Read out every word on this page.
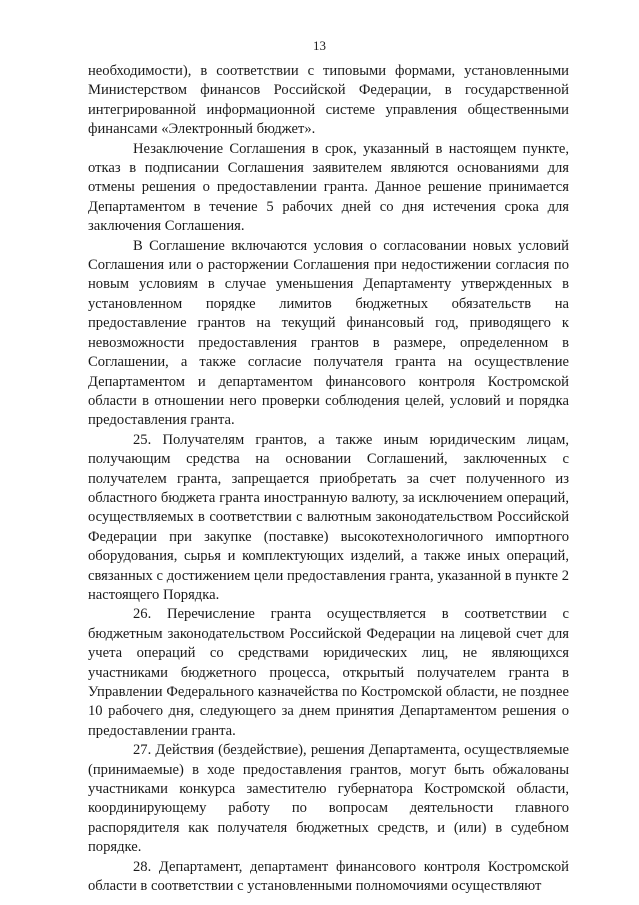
13

необходимости), в соответствии с типовыми формами, установленными Министерством финансов Российской Федерации, в государственной интегрированной информационной системе управления общественными финансами «Электронный бюджет».

Незаключение Соглашения в срок, указанный в настоящем пункте, отказ в подписании Соглашения заявителем являются основаниями для отмены решения о предоставлении гранта. Данное решение принимается Департаментом в течение 5 рабочих дней со дня истечения срока для заключения Соглашения.

В Соглашение включаются условия о согласовании новых условий Соглашения или о расторжении Соглашения при недостижении согласия по новым условиям в случае уменьшения Департаменту утвержденных в установленном порядке лимитов бюджетных обязательств на предоставление грантов на текущий финансовый год, приводящего к невозможности предоставления грантов в размере, определенном в Соглашении, а также согласие получателя гранта на осуществление Департаментом и департаментом финансового контроля Костромской области в отношении него проверки соблюдения целей, условий и порядка предоставления гранта.

25. Получателям грантов, а также иным юридическим лицам, получающим средства на основании Соглашений, заключенных с получателем гранта, запрещается приобретать за счет полученного из областного бюджета гранта иностранную валюту, за исключением операций, осуществляемых в соответствии с валютным законодательством Российской Федерации при закупке (поставке) высокотехнологичного импортного оборудования, сырья и комплектующих изделий, а также иных операций, связанных с достижением цели предоставления гранта, указанной в пункте 2 настоящего Порядка.

26. Перечисление гранта осуществляется в соответствии с бюджетным законодательством Российской Федерации на лицевой счет для учета операций со средствами юридических лиц, не являющихся участниками бюджетного процесса, открытый получателем гранта в Управлении Федерального казначейства по Костромской области, не позднее 10 рабочего дня, следующего за днем принятия Департаментом решения о предоставлении гранта.

27. Действия (бездействие), решения Департамента, осуществляемые (принимаемые) в ходе предоставления грантов, могут быть обжалованы участниками конкурса заместителю губернатора Костромской области, координирующему работу по вопросам деятельности главного распорядителя как получателя бюджетных средств, и (или) в судебном порядке.

28. Департамент, департамент финансового контроля Костромской области в соответствии с установленными полномочиями осуществляют
